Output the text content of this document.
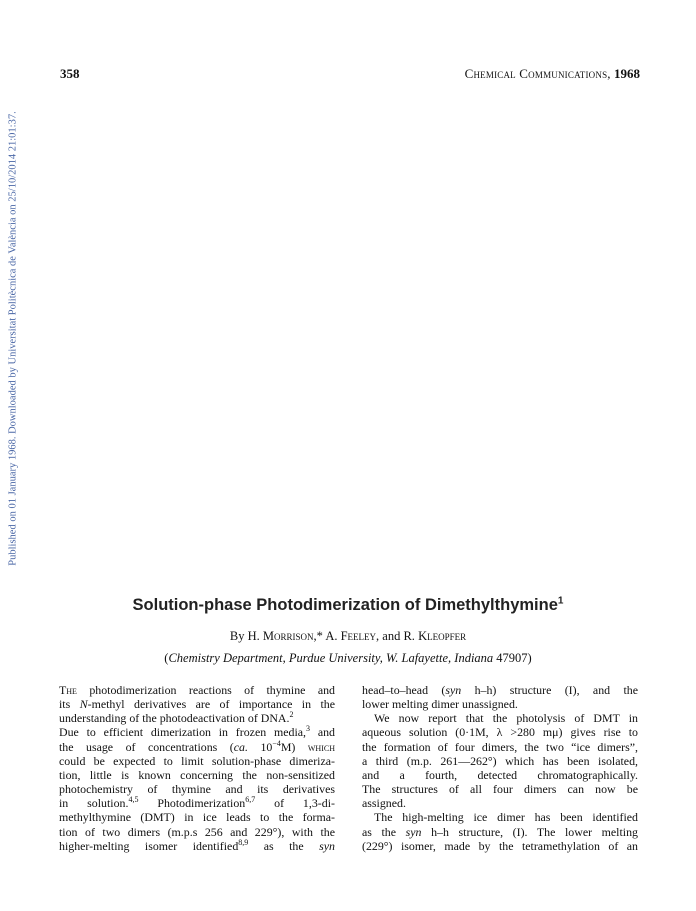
Published on 01 January 1968. Downloaded by Universitat Politècnica de València on 25/10/2014 21:01:37.
358	Chemical Communications, 1968
Solution-phase Photodimerization of Dimethylthymine$^1$
By H. Morrison,* A. Feeley, and R. Kleopfer
(Chemistry Department, Purdue University, W. Lafayette, Indiana 47907)
The photodimerization reactions of thymine and
its N-methyl derivatives are of importance in the
understanding of the photodeactivation of DNA.$^2$
Due to efficient dimerization in frozen media,$^3$ and
the usage of concentrations (ca. $10^{-4}M$) which
could be expected to limit solution-phase dimeriza-
tion, little is known concerning the non-sensitized
photochemistry of thymine and its derivatives
in solution.$^{4,5}$ Photodimerization$^{6,7}$ of 1,3-di-
methylthymine (DMT) in ice leads to the forma-
tion of two dimers (m.p.s 256 and 229°), with the
higher-melting isomer identified$^{8,9}$ as the syn
head–to–head (syn h–h) structure (I), and the
lower melting dimer unassigned.
We now report that the photolysis of DMT in
aqueous solution (0·1M, λ >280 mμ) gives rise to
the formation of four dimers, the two “ice dimers”,
a third (m.p. 261—262°) which has been isolated,
and a fourth, detected chromatographically.
The structures of all four dimers can now be
assigned.
The high-melting ice dimer has been identified
as the syn h–h structure, (I). The lower melting
(229°) isomer, made by the tetramethylation of an
